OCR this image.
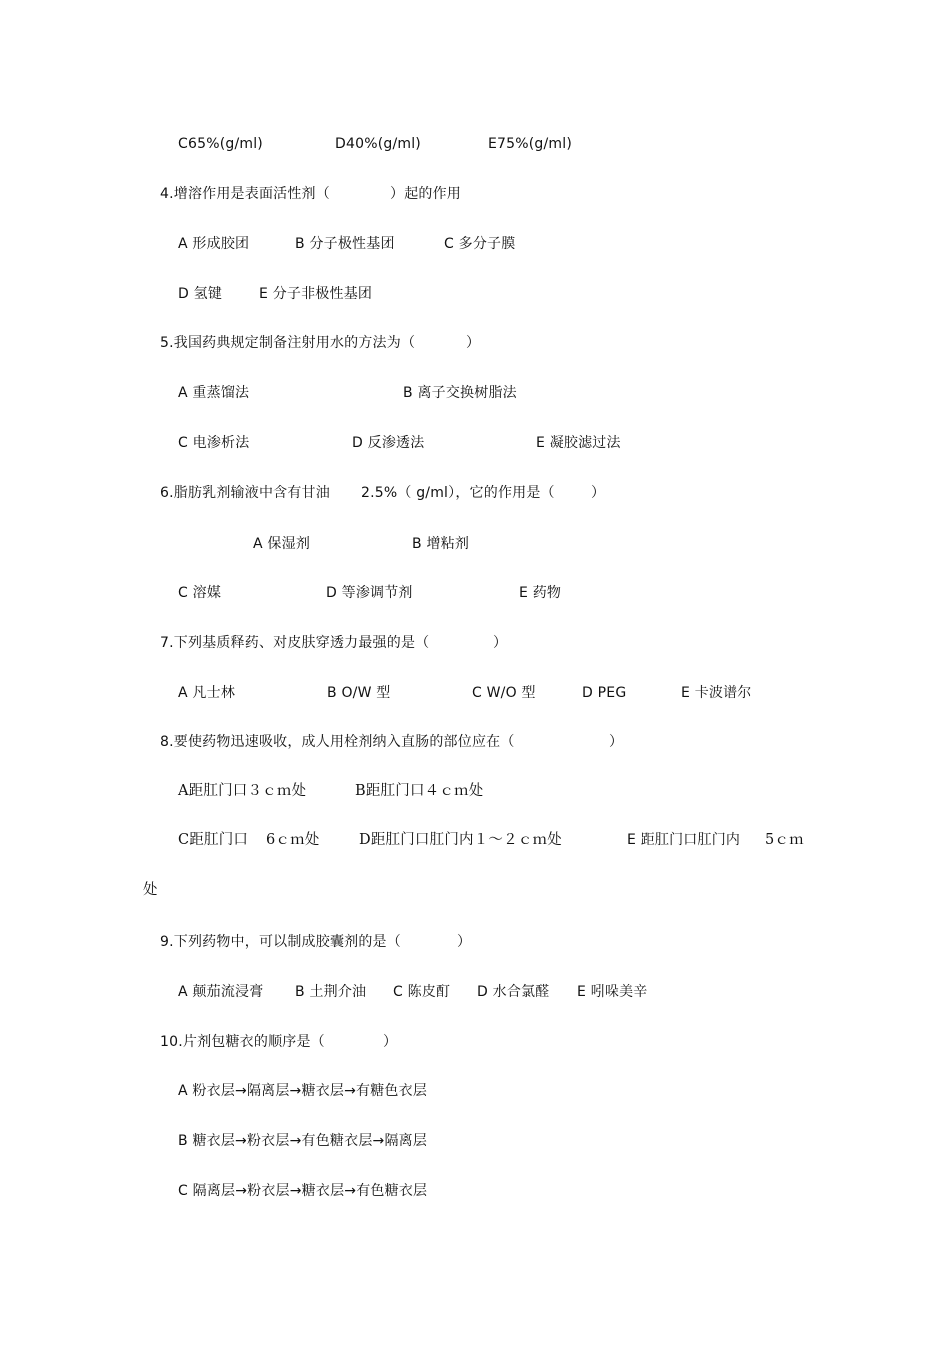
C65%(g/ml)	D40%(g/ml)	E75%(g/ml)
4.增溶作用是表面活性剂（	）起的作用
A 形成胶团	B 分子极性基团	C 多分子膜
D 氢键	E 分子非极性基团
5.我国药典规定制备注射用水的方法为（	）
A 重蒸馏法	B 离子交换树脂法
C 电渗析法	D 反渗透法	E 凝胶滤过法
6.脂肪乳剂输液中含有甘油 2.5%（ g/ml），它的作用是（	）
A 保湿剂	B 增粘剂
C 溶媒	D 等渗调节剂	E 药物
7.下列基质释药、对皮肤穿透力最强的是（	）
A 凡士林	B O/W 型	C W/O 型	D PEG	E 卡波谱尔
8.要使药物迅速吸收，成人用栓剂纳入直肠的部位应在（	）
A距肛门口３ｃｍ处	B距肛门口４ｃｍ处
C距肛门口 6ｃｍ处	D距肛门口肛门内１～２ｃｍ处	E 距肛门口肛门内 5ｃｍ
处
9.下列药物中，可以制成胶囊剂的是（	）
A 颠茄流浸膏 B 土荆介油 C 陈皮酊 D 水合氯醛 E 吲哚美辛
10.片剂包糖衣的顺序是（	）
A 粉衣层→隔离层→糖衣层→有糖色衣层
B 糖衣层→粉衣层→有色糖衣层→隔离层
C 隔离层→粉衣层→糖衣层→有色糖衣层
